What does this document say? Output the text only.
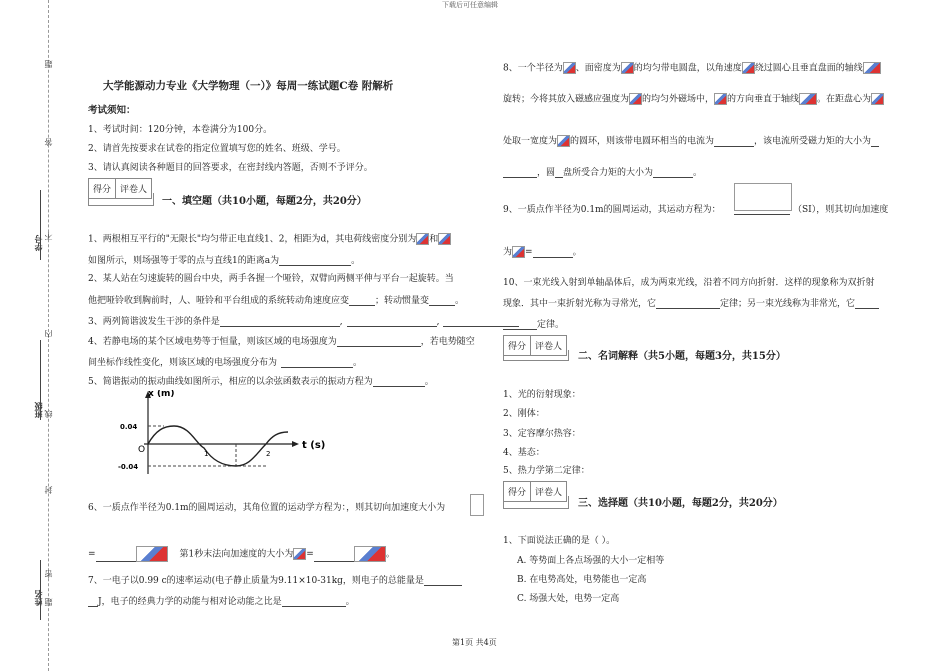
下载后可任意编辑
姓名
班级
学号
题
答
不
内
线
封
密
题
大学能源动力专业《大学物理（一）》每周一练试题C卷 附解析
考试须知：
1、考试时间：120分钟，本卷满分为100分。
2、请首先按要求在试卷的指定位置填写您的姓名、班级、学号。
3、请认真阅读各种题目的回答要求，在密封线内答题，否则不予评分。
得分	评卷人
一、填空题（共10小题，每题2分，共20分）
1、两根相互平行的"无限长"均匀带正电直线1、2，相距为d，其电荷线密度分别为 和
如图所示，则场强等于零的点与直线1的距离a为	。
2、某人站在匀速旋转的圆台中央，两手各握一个哑铃，双臂向两侧平伸与平台一起旋转。当
他把哑铃收到胸前时，人、哑铃和平台组成的系统转动角速度应变	；转动惯量变	。
3、两列简谐波发生干涉的条件是	,	,
4、若静电场的某个区域电势等于恒量，则该区域的电场强度为	，若电势随空
间坐标作线性变化，则该区域的电场强度分布为	。
5、简谐振动的振动曲线如图所示，相应的以余弦函数表示的振动方程为	。
x (m)
t (s)
0.04
-0.04
O	1	2
6、一质点作半径为0.1m的圆周运动，其角位置的运动学方程为：，则其切向加速度大小为
=	第1秒末法向加速度的大小为 =	。
7、一电子以0.99 c的速率运动(电子静止质量为9.11×10-31kg，则电子的总能量是
J，电子的经典力学的动能与相对论动能之比是	。
8、一个半径为 、面密度为 的均匀带电圆盘，以角速度 绕过圆心且垂直盘面的轴线
旋转；今将其放入磁感应强度为 的均匀外磁场中， 的方向垂直于轴线 。在距盘心为
处取一宽度为 的圆环，则该带电圆环相当的电流为	，该电流所受磁力矩的大小为
，圆 盘所受合力矩的大小为	。
9、一质点作半径为0.1m的圆周运动，其运动方程为：	（SI），则其切向加速度
为 =	。
10、一束光线入射到单轴晶体后，成为两束光线，沿着不同方向折射．这样的现象称为双折射
现象．其中一束折射光称为寻常光，它	定律；另一束光线称为非常光，它
定律。
得分	评卷人
二、名词解释（共5小题，每题3分，共15分）
1、光的衍射现象：
2、刚体：
3、定容摩尔热容：
4、基态：
5、热力学第二定律：
得分	评卷人
三、选择题（共10小题，每题2分，共20分）
1、下面说法正确的是（ ）。
A. 等势面上各点场强的大小一定相等
B. 在电势高处，电势能也一定高
C. 场强大处，电势一定高
第1页 共4页
